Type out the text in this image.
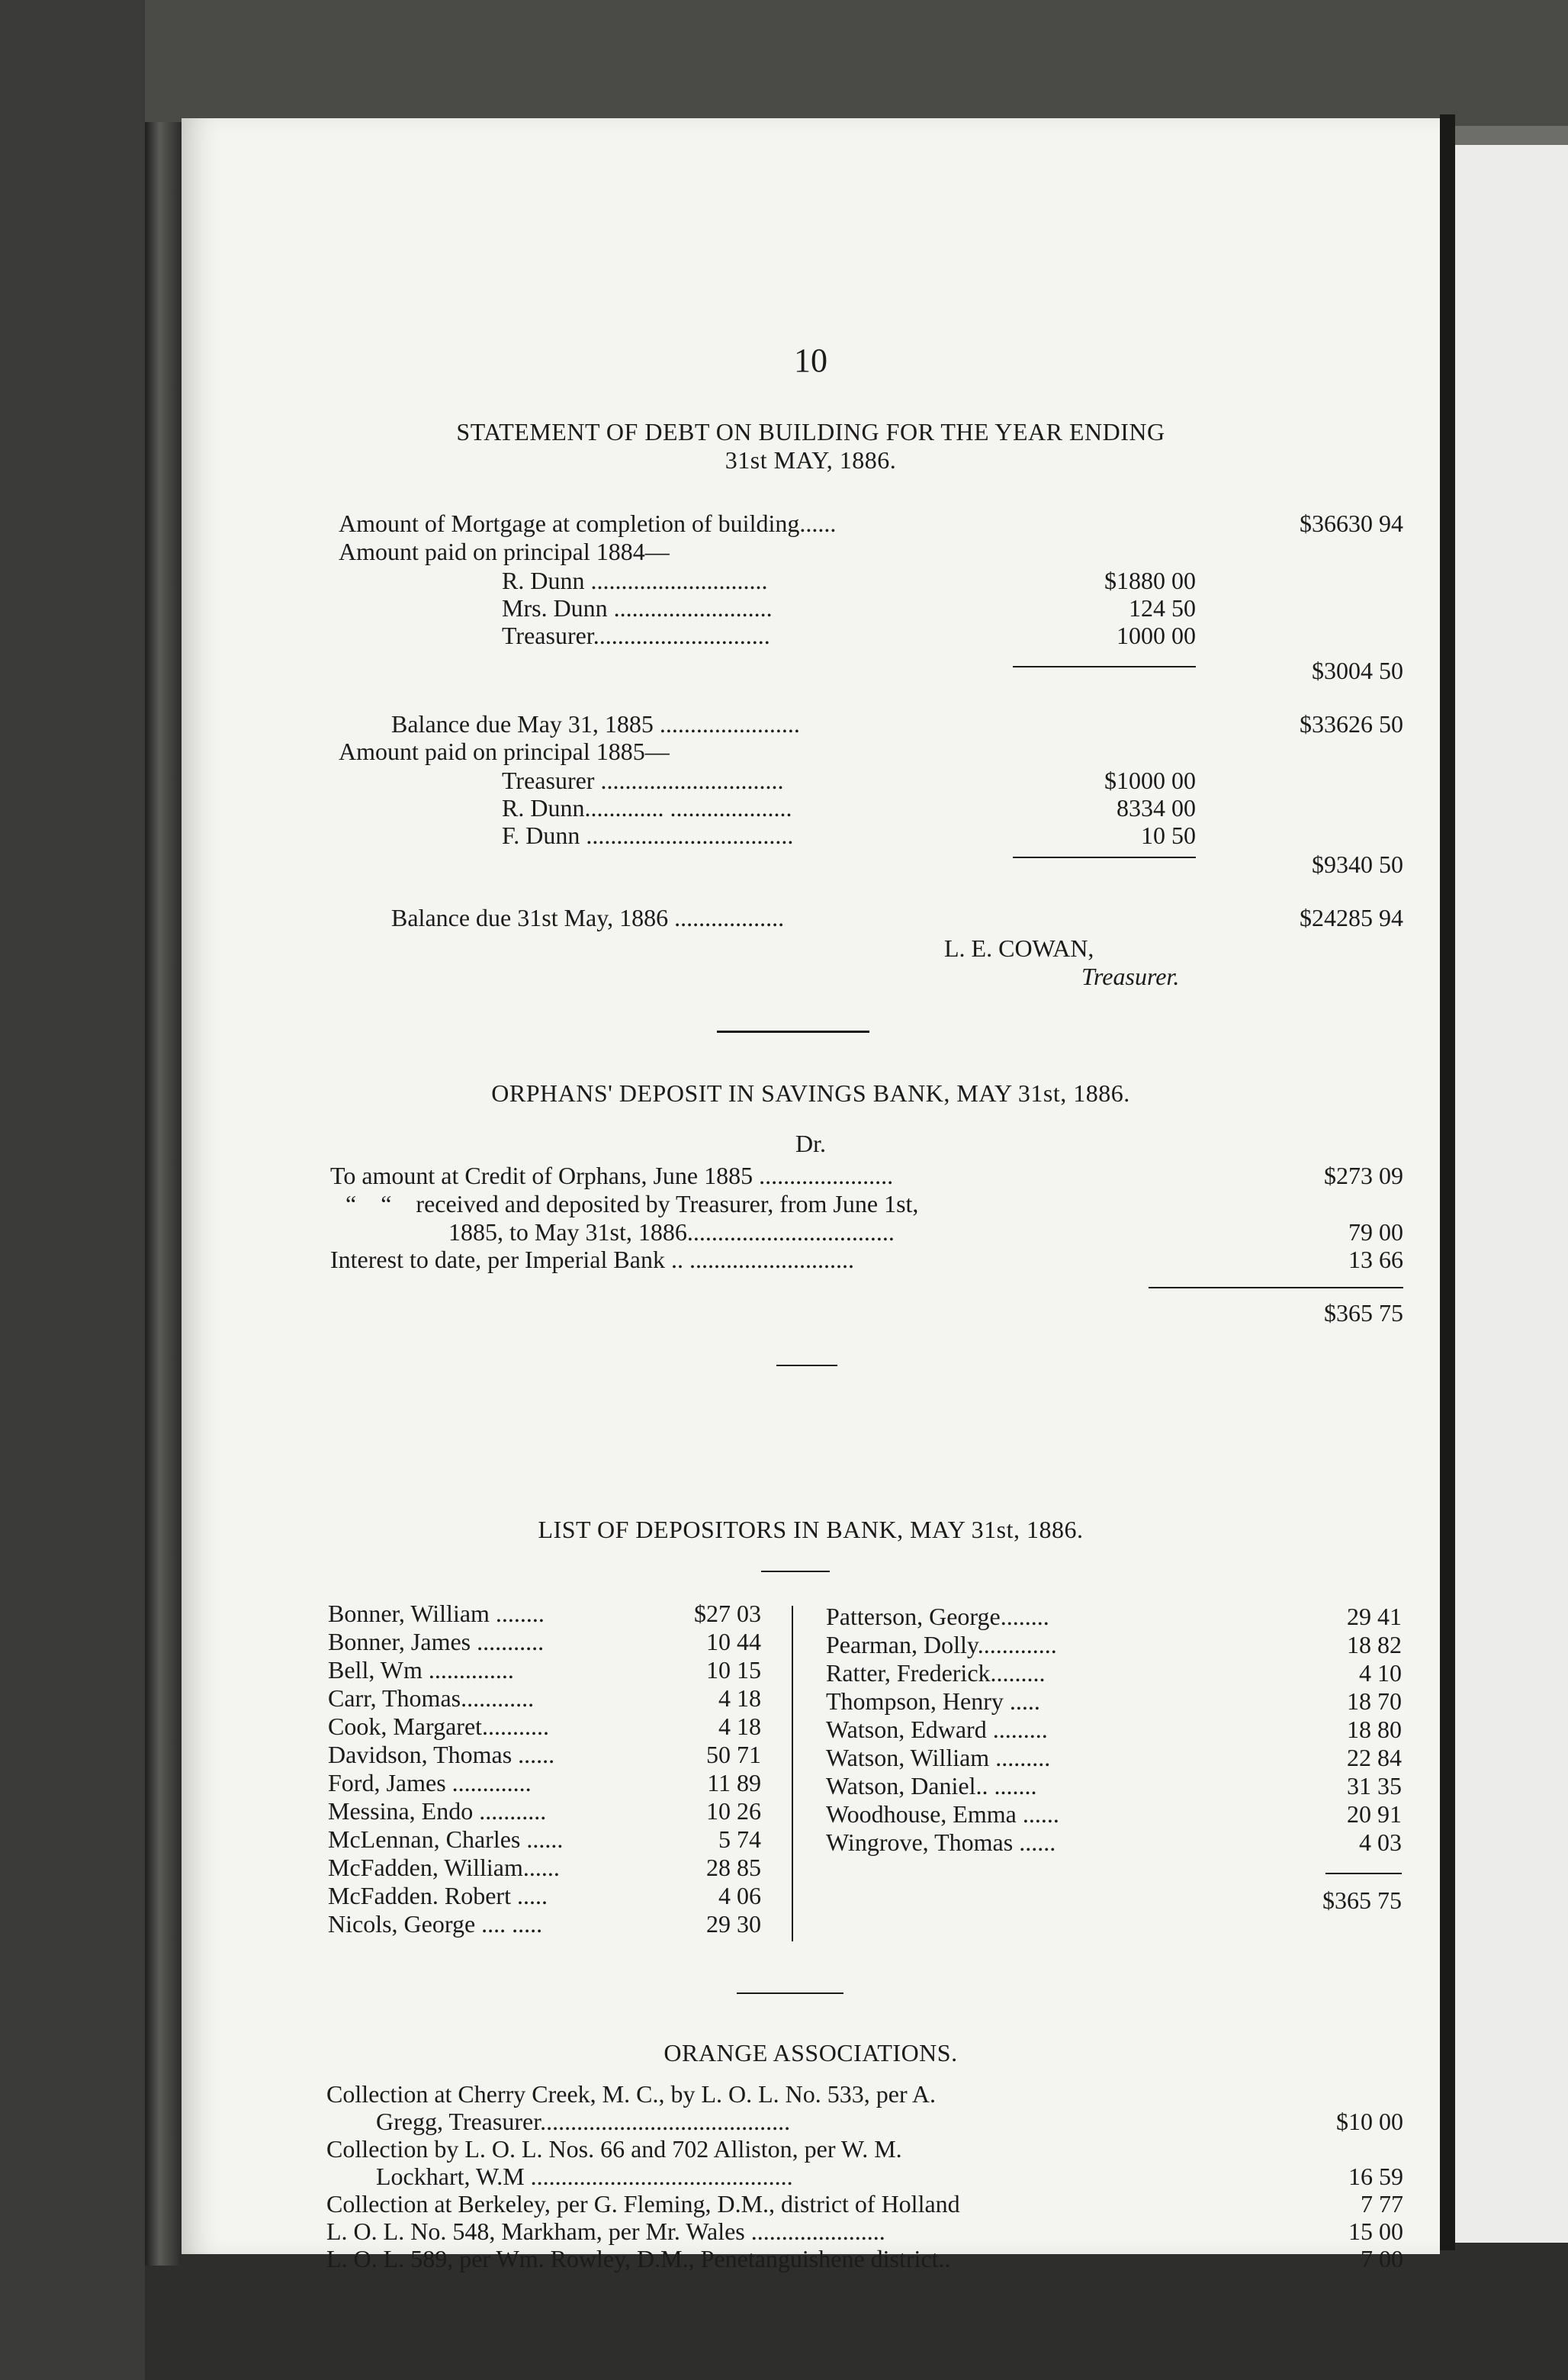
10
STATEMENT OF DEBT ON BUILDING FOR THE YEAR ENDING
31st MAY, 1886.
Amount of Mortgage at completion of building......	$36630 94
Amount paid on principal 1884—
R. Dunn .............................	$1880 00
Mrs. Dunn ..........................	124 50
Treasurer.............................	1000 00
$3004 50
Balance due May 31, 1885 .......................	$33626 50
Amount paid on principal 1885—
Treasurer ..............................	$1000 00
R. Dunn............. ....................	8334 00
F. Dunn ..................................	10 50
$9340 50
Balance due 31st May, 1886 ..................	$24285 94
L. E. COWAN,
Treasurer.
ORPHANS' DEPOSIT IN SAVINGS BANK, MAY 31st, 1886.
Dr.
To amount at Credit of Orphans, June 1885 ......................	$273 09
“    “    received and deposited by Treasurer, from June 1st,
1885, to May 31st, 1886..................................	79 00
Interest to date, per Imperial Bank .. ...........................	13 66
$365 75
LIST OF DEPOSITORS IN BANK, MAY 31st, 1886.
Bonner, William ........	$27 03
Bonner, James ...........	10 44
Bell, Wm ..............	10 15
Carr, Thomas............	4 18
Cook, Margaret...........	4 18
Davidson, Thomas ......	50 71
Ford, James .............	11 89
Messina, Endo ...........	10 26
McLennan, Charles ......	5 74
McFadden, William......	28 85
McFadden. Robert .....	4 06
Nicols, George .... .....	29 30
Patterson, George........	29 41
Pearman, Dolly.............	18 82
Ratter, Frederick.........	4 10
Thompson, Henry .....	18 70
Watson, Edward .........	18 80
Watson, William .........	22 84
Watson, Daniel.. .......	31 35
Woodhouse, Emma ......	20 91
Wingrove, Thomas ......	4 03
$365 75
ORANGE ASSOCIATIONS.
Collection at Cherry Creek, M. C., by L. O. L. No. 533, per A.
Gregg, Treasurer.........................................	$10 00
Collection by L. O. L. Nos. 66 and 702 Alliston, per W. M.
Lockhart, W.M ...........................................	16 59
Collection at Berkeley, per G. Fleming, D.M., district of Holland	7 77
L. O. L. No. 548, Markham, per Mr. Wales ......................	15 00
L. O. L. 589, per Wm. Rowley, D.M., Penetanguishene district..	7 00
